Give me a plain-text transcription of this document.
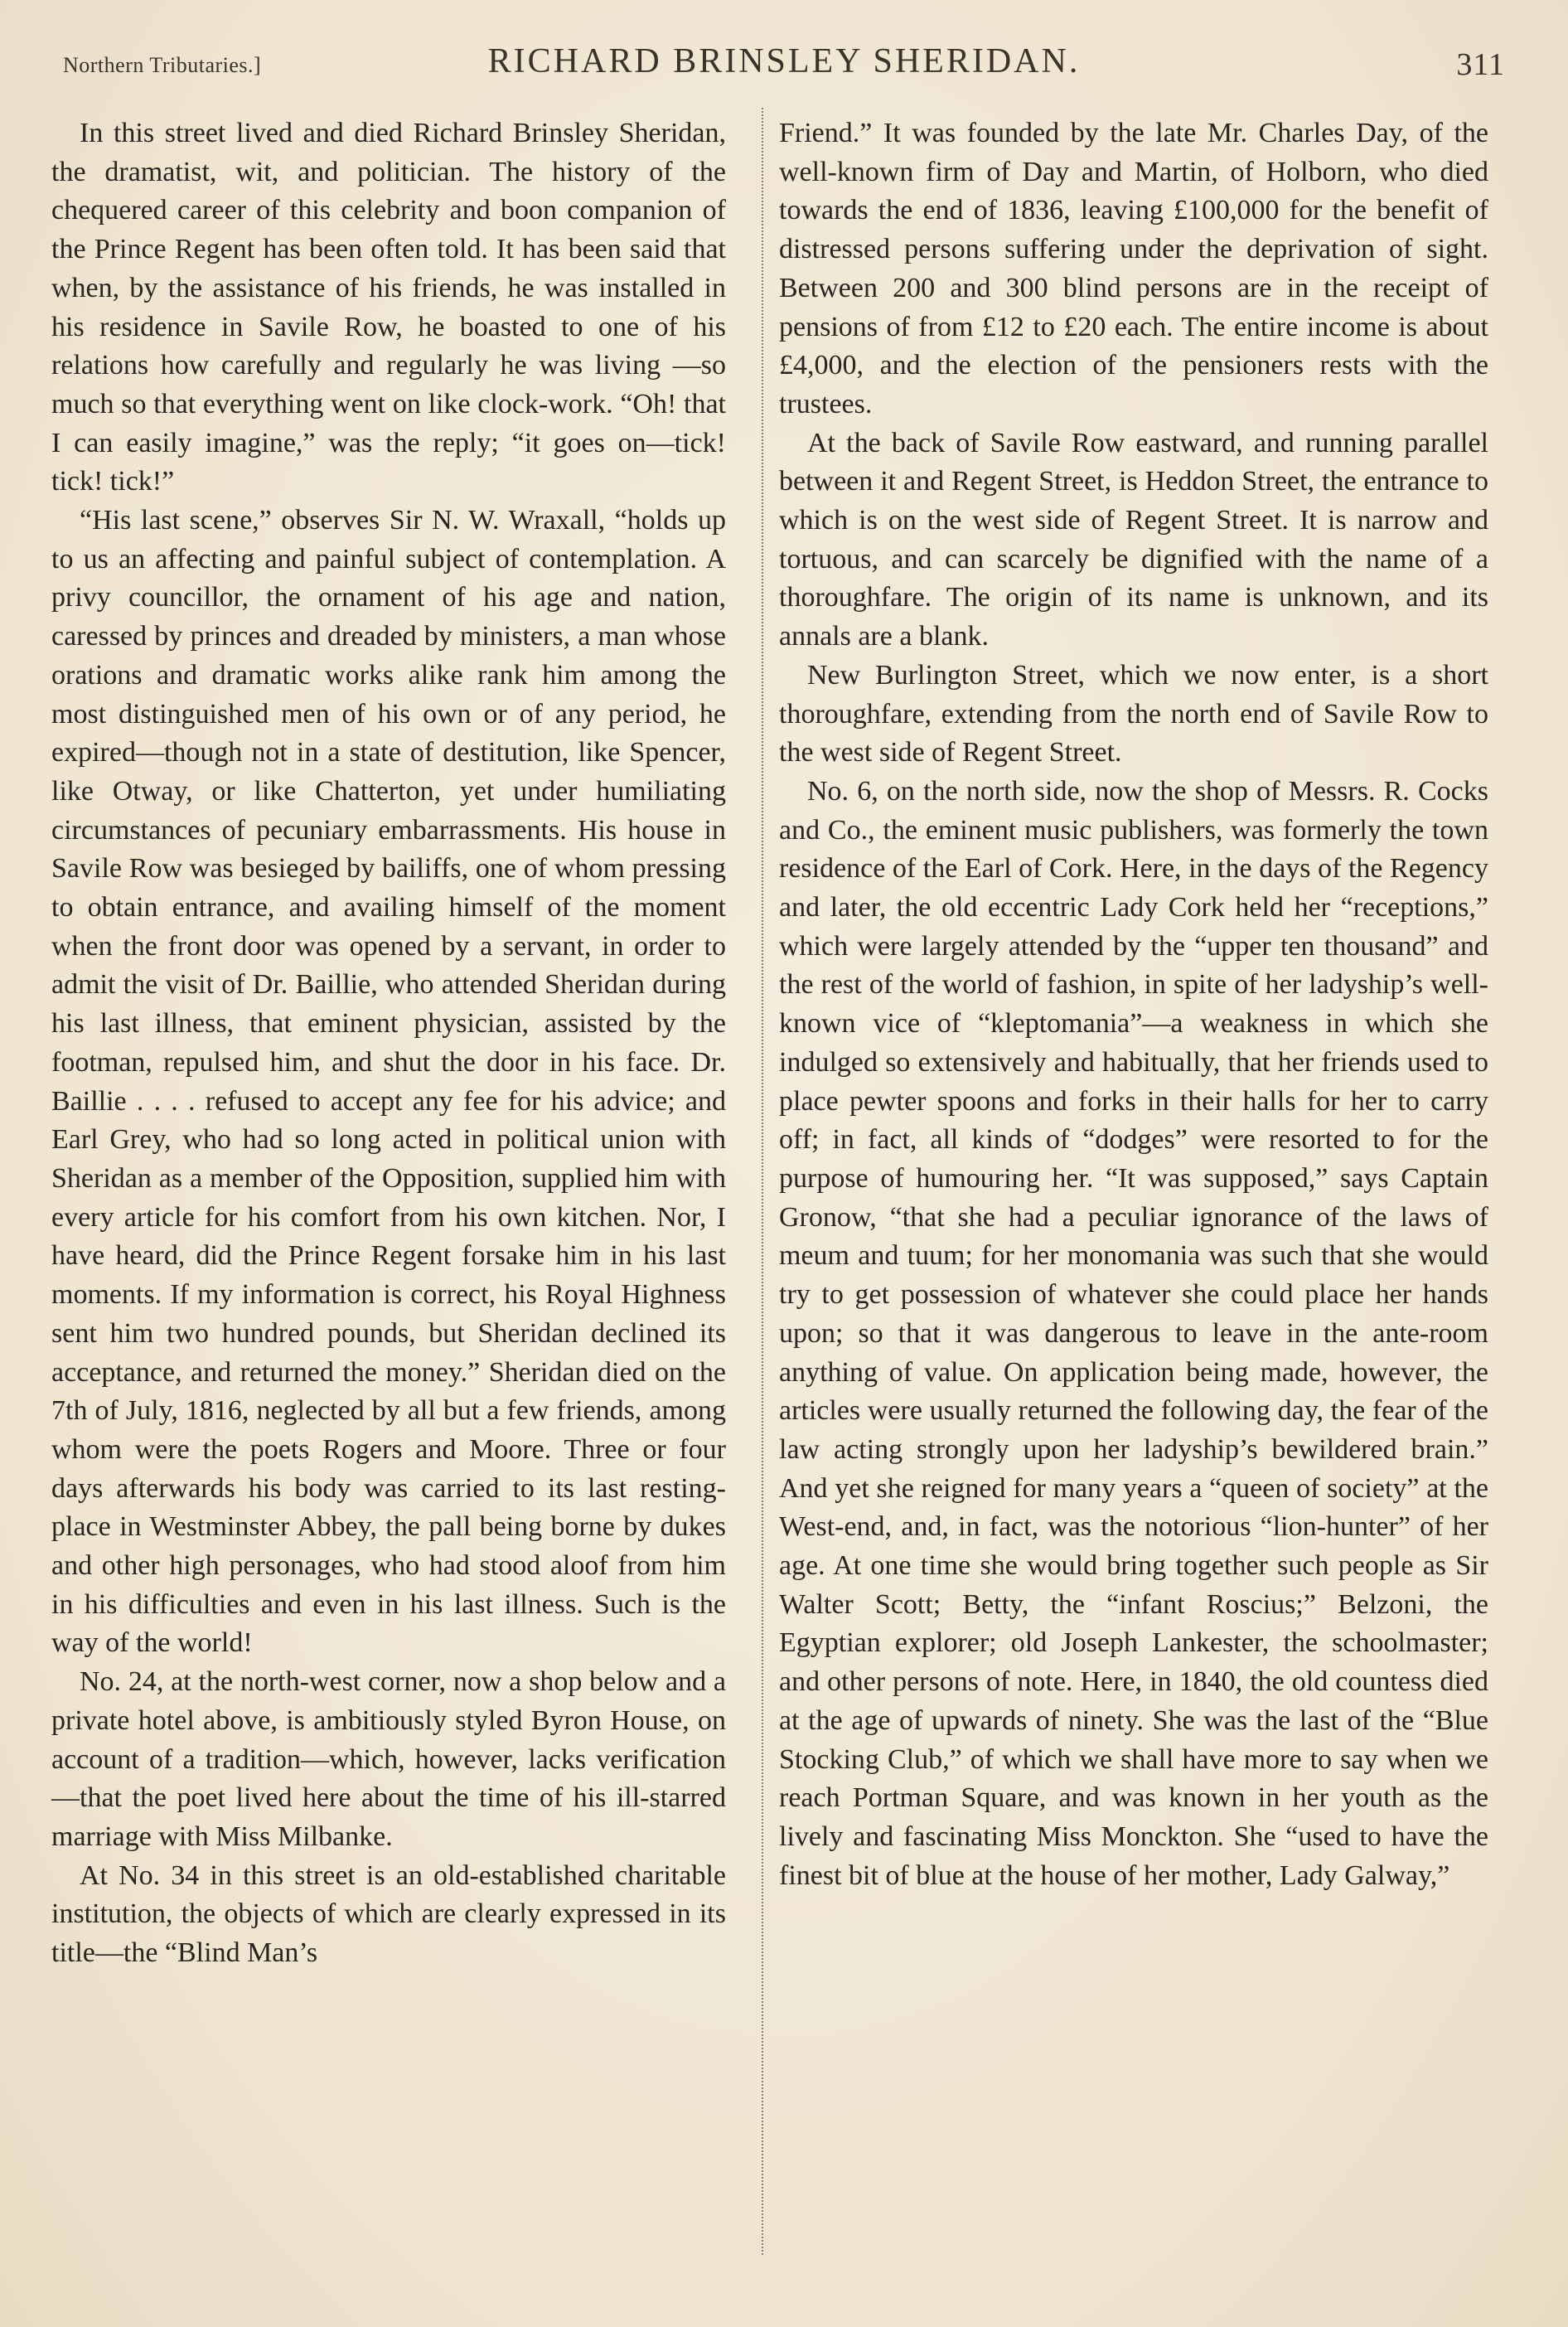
Northern Tributaries.]	RICHARD BRINSLEY SHERIDAN.	311

In this street lived and died Richard Brinsley Sheridan, the dramatist, wit, and politician. The history of the chequered career of this celebrity and boon companion of the Prince Regent has been often told. It has been said that when, by the assistance of his friends, he was installed in his residence in Savile Row, he boasted to one of his relations how carefully and regularly he was living —so much so that everything went on like clock-work. “Oh! that I can easily imagine,” was the reply; “it goes on—tick! tick! tick!”

“His last scene,” observes Sir N. W. Wraxall, “holds up to us an affecting and painful subject of contemplation. A privy councillor, the ornament of his age and nation, caressed by princes and dreaded by ministers, a man whose orations and dramatic works alike rank him among the most distinguished men of his own or of any period, he expired—though not in a state of destitution, like Spencer, like Otway, or like Chatterton, yet under humiliating circumstances of pecuniary embarrassments. His house in Savile Row was besieged by bailiffs, one of whom pressing to obtain entrance, and availing himself of the moment when the front door was opened by a servant, in order to admit the visit of Dr. Baillie, who attended Sheridan during his last illness, that eminent physician, assisted by the footman, repulsed him, and shut the door in his face. Dr. Baillie . . . . refused to accept any fee for his advice; and Earl Grey, who had so long acted in political union with Sheridan as a member of the Opposition, supplied him with every article for his comfort from his own kitchen. Nor, I have heard, did the Prince Regent forsake him in his last moments. If my information is correct, his Royal Highness sent him two hundred pounds, but Sheridan declined its acceptance, and returned the money.” Sheridan died on the 7th of July, 1816, neglected by all but a few friends, among whom were the poets Rogers and Moore. Three or four days afterwards his body was carried to its last resting-place in Westminster Abbey, the pall being borne by dukes and other high personages, who had stood aloof from him in his difficulties and even in his last illness. Such is the way of the world!

No. 24, at the north-west corner, now a shop below and a private hotel above, is ambitiously styled Byron House, on account of a tradition—which, however, lacks verification—that the poet lived here about the time of his ill-starred marriage with Miss Milbanke.

At No. 34 in this street is an old-established charitable institution, the objects of which are clearly expressed in its title—the “Blind Man’s

Friend.” It was founded by the late Mr. Charles Day, of the well-known firm of Day and Martin, of Holborn, who died towards the end of 1836, leaving £100,000 for the benefit of distressed persons suffering under the deprivation of sight. Between 200 and 300 blind persons are in the receipt of pensions of from £12 to £20 each. The entire income is about £4,000, and the election of the pensioners rests with the trustees.

At the back of Savile Row eastward, and running parallel between it and Regent Street, is Heddon Street, the entrance to which is on the west side of Regent Street. It is narrow and tortuous, and can scarcely be dignified with the name of a thoroughfare. The origin of its name is unknown, and its annals are a blank.

New Burlington Street, which we now enter, is a short thoroughfare, extending from the north end of Savile Row to the west side of Regent Street.

No. 6, on the north side, now the shop of Messrs. R. Cocks and Co., the eminent music publishers, was formerly the town residence of the Earl of Cork. Here, in the days of the Regency and later, the old eccentric Lady Cork held her “receptions,” which were largely attended by the “upper ten thousand” and the rest of the world of fashion, in spite of her ladyship’s well-known vice of “kleptomania”—a weakness in which she indulged so extensively and habitually, that her friends used to place pewter spoons and forks in their halls for her to carry off; in fact, all kinds of “dodges” were resorted to for the purpose of humouring her. “It was supposed,” says Captain Gronow, “that she had a peculiar ignorance of the laws of meum and tuum; for her monomania was such that she would try to get possession of whatever she could place her hands upon; so that it was dangerous to leave in the ante-room anything of value. On application being made, however, the articles were usually returned the following day, the fear of the law acting strongly upon her ladyship’s bewildered brain.” And yet she reigned for many years a “queen of society” at the West-end, and, in fact, was the notorious “lion-hunter” of her age. At one time she would bring together such people as Sir Walter Scott; Betty, the “infant Roscius;” Belzoni, the Egyptian explorer; old Joseph Lankester, the schoolmaster; and other persons of note. Here, in 1840, the old countess died at the age of upwards of ninety. She was the last of the “Blue Stocking Club,” of which we shall have more to say when we reach Portman Square, and was known in her youth as the lively and fascinating Miss Monckton. She “used to have the finest bit of blue at the house of her mother, Lady Galway,”
